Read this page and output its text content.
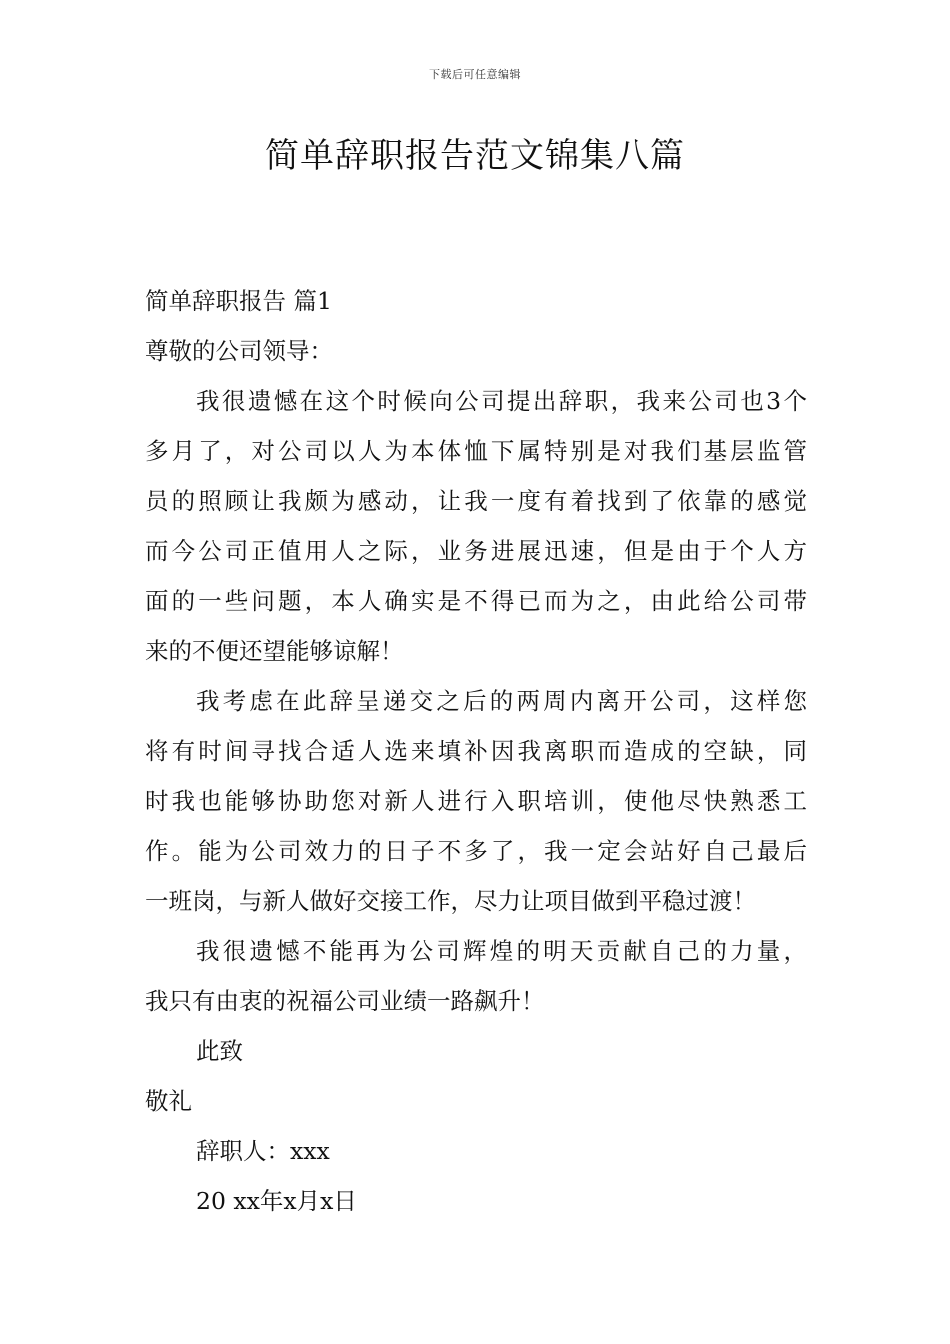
下载后可任意编辑
简单辞职报告范文锦集八篇
简单辞职报告 篇1
尊敬的公司领导：
我很遗憾在这个时候向公司提出辞职，我来公司也3个
多月了，对公司以人为本体恤下属特别是对我们基层监管
员的照顾让我颇为感动，让我一度有着找到了依靠的感觉
而今公司正值用人之际，业务进展迅速，但是由于个人方
面的一些问题，本人确实是不得已而为之，由此给公司带
来的不便还望能够谅解！
我考虑在此辞呈递交之后的两周内离开公司，这样您
将有时间寻找合适人选来填补因我离职而造成的空缺，同
时我也能够协助您对新人进行入职培训，使他尽快熟悉工
作。能为公司效力的日子不多了，我一定会站好自己最后
一班岗，与新人做好交接工作，尽力让项目做到平稳过渡！
我很遗憾不能再为公司辉煌的明天贡献自己的力量，
我只有由衷的祝福公司业绩一路飙升！
此致
敬礼
辞职人：xxx
20 xx年x月x日
